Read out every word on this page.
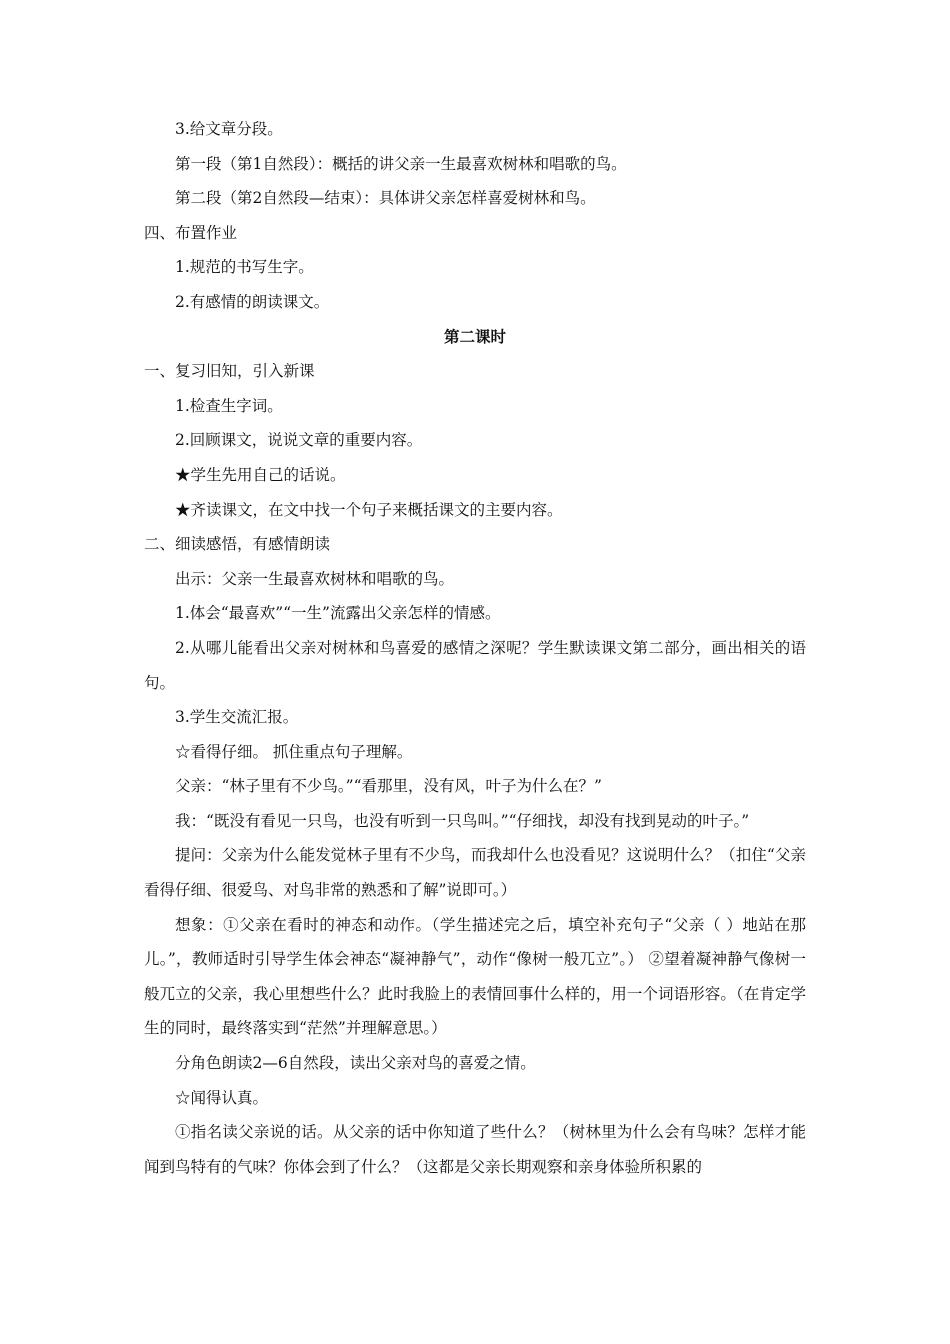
3.给文章分段。

第一段（第1自然段）：概括的讲父亲一生最喜欢树林和唱歌的鸟。

第二段（第2自然段—结束）：具体讲父亲怎样喜爱树林和鸟。

四、布置作业

1.规范的书写生字。

2.有感情的朗读课文。

第二课时

一、复习旧知，引入新课

1.检查生字词。

2.回顾课文，说说文章的重要内容。

★学生先用自己的话说。

★齐读课文，在文中找一个句子来概括课文的主要内容。

二、细读感悟，有感情朗读

出示：父亲一生最喜欢树林和唱歌的鸟。

1.体会“最喜欢”“一生”流露出父亲怎样的情感。

2.从哪儿能看出父亲对树林和鸟喜爱的感情之深呢？学生默读课文第二部分，画出相关的语句。

3.学生交流汇报。

☆看得仔细。 抓住重点句子理解。

父亲：“林子里有不少鸟。”“看那里，没有风，叶子为什么在？”

我：“既没有看见一只鸟，也没有听到一只鸟叫。”“仔细找，却没有找到晃动的叶子。”

提问：父亲为什么能发觉林子里有不少鸟，而我却什么也没看见？这说明什么？（扣住“父亲看得仔细、很爱鸟、对鸟非常的熟悉和了解”说即可。）

想象：①父亲在看时的神态和动作。（学生描述完之后，填空补充句子“父亲（ ）地站在那儿。”，教师适时引导学生体会神态“凝神静气”，动作“像树一般兀立”。） ②望着凝神静气像树一般兀立的父亲，我心里想些什么？此时我脸上的表情回事什么样的，用一个词语形容。（在肯定学生的同时，最终落实到“茫然”并理解意思。）

分角色朗读2—6自然段，读出父亲对鸟的喜爱之情。

☆闻得认真。

①指名读父亲说的话。从父亲的话中你知道了些什么？（树林里为什么会有鸟味？怎样才能闻到鸟特有的气味？你体会到了什么？（这都是父亲长期观察和亲身体验所积累的
